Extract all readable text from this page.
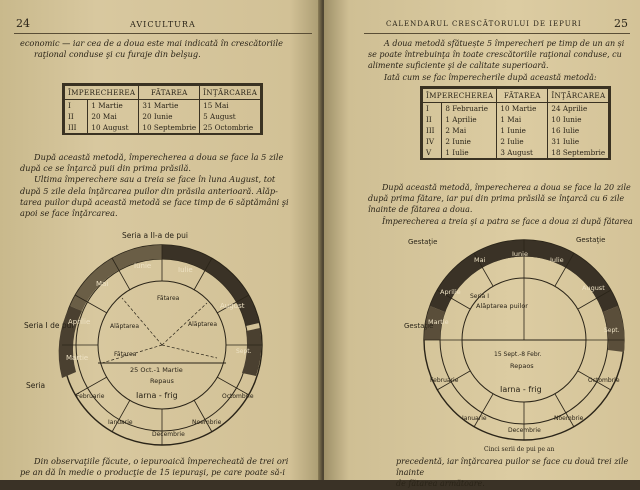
24	AVICULTURA
economic — iar cea de a doua este mai indicată în crescătoriile
raţional conduse şi cu furaje din belşug.
ÎMPERECHEREA		FĂTAREA	ÎNŢĂRCAREA
I	1 Martie	31 Martie	15 Mai
II	20 Mai	20 Iunie	5 August
III	10 August	10 Septembrie	25 Octombrie
După această metodă, împerecherea a doua se face la 5 zile
după ce se înţarcă puii din prima prăsilă.
Ultima împerechere sau a treia se face în luna August, tot
după 5 zile dela înţărcarea puilor din prăsila anterioară. Alăp-
tarea puilor după această metodă se face timp de 6 săptămâni şi
apoi se face înţărcarea.
Iunie	Iulie
Mai
Aprilie
Martie
August
Sept.
Octombrie
Noembrie
Decembrie
Ianuarie
Februarie
Seria a II-a de pui
Seria I de pui
Seria
Fătarea
Alăptarea
Alăptarea
Fătarea
25 Oct.-1 Martie
Repaus
Iarna - frig
Din observaţiile făcute, o iepuroaică împerecheată de trei ori
pe an dă în medie o producţie de 15 iepuraşi, pe care poate să-i
CALENDARUL CRESCĂTORULUI DE IEPURI	25
A doua metodă sfătuește 5 împerecheri pe timp de un an și
se poate întrebuinţa în toate crescătoriile raţional conduse, cu
alimente suficiente şi de calitate superioară.
Iată cum se fac împerecherile după această metodă:
ÎMPERECHEREA		FĂTAREA	ÎNŢĂRCAREA
I	8 Februarie	10 Martie	24 Aprilie
II	1 Aprilie	1 Mai	10 Iunie
III	2 Mai	1 Iunie	16 Iulie
IV	2 Iunie	2 Iulie	31 Iulie
V	1 Iulie	3 August	18 Septembrie
După această metodă, împerecherea a doua se face la 20 zile
după prima fătare, iar pui din prima prăsilă se înţarcă cu 6 zile
înainte de fătarea a doua.
Împerecherea a treia şi a patra se face a doua zi după fătarea
Aprilie
Martie
Mai
Iunie
Iulie
August
Sept.
Octombrie
Noembrie
Decembrie
Ianuarie
Februarie
Gestaţie	Gestaţie
Gestaţie
Seria I
Alăptarea puilor
15 Sept.-8 Febr.
Repaos
Iarna - frig
Cinci serii de pui pe an
precedentă, iar înţărcarea puilor se face cu două trei zile înainte
de fătarea armătoare.
